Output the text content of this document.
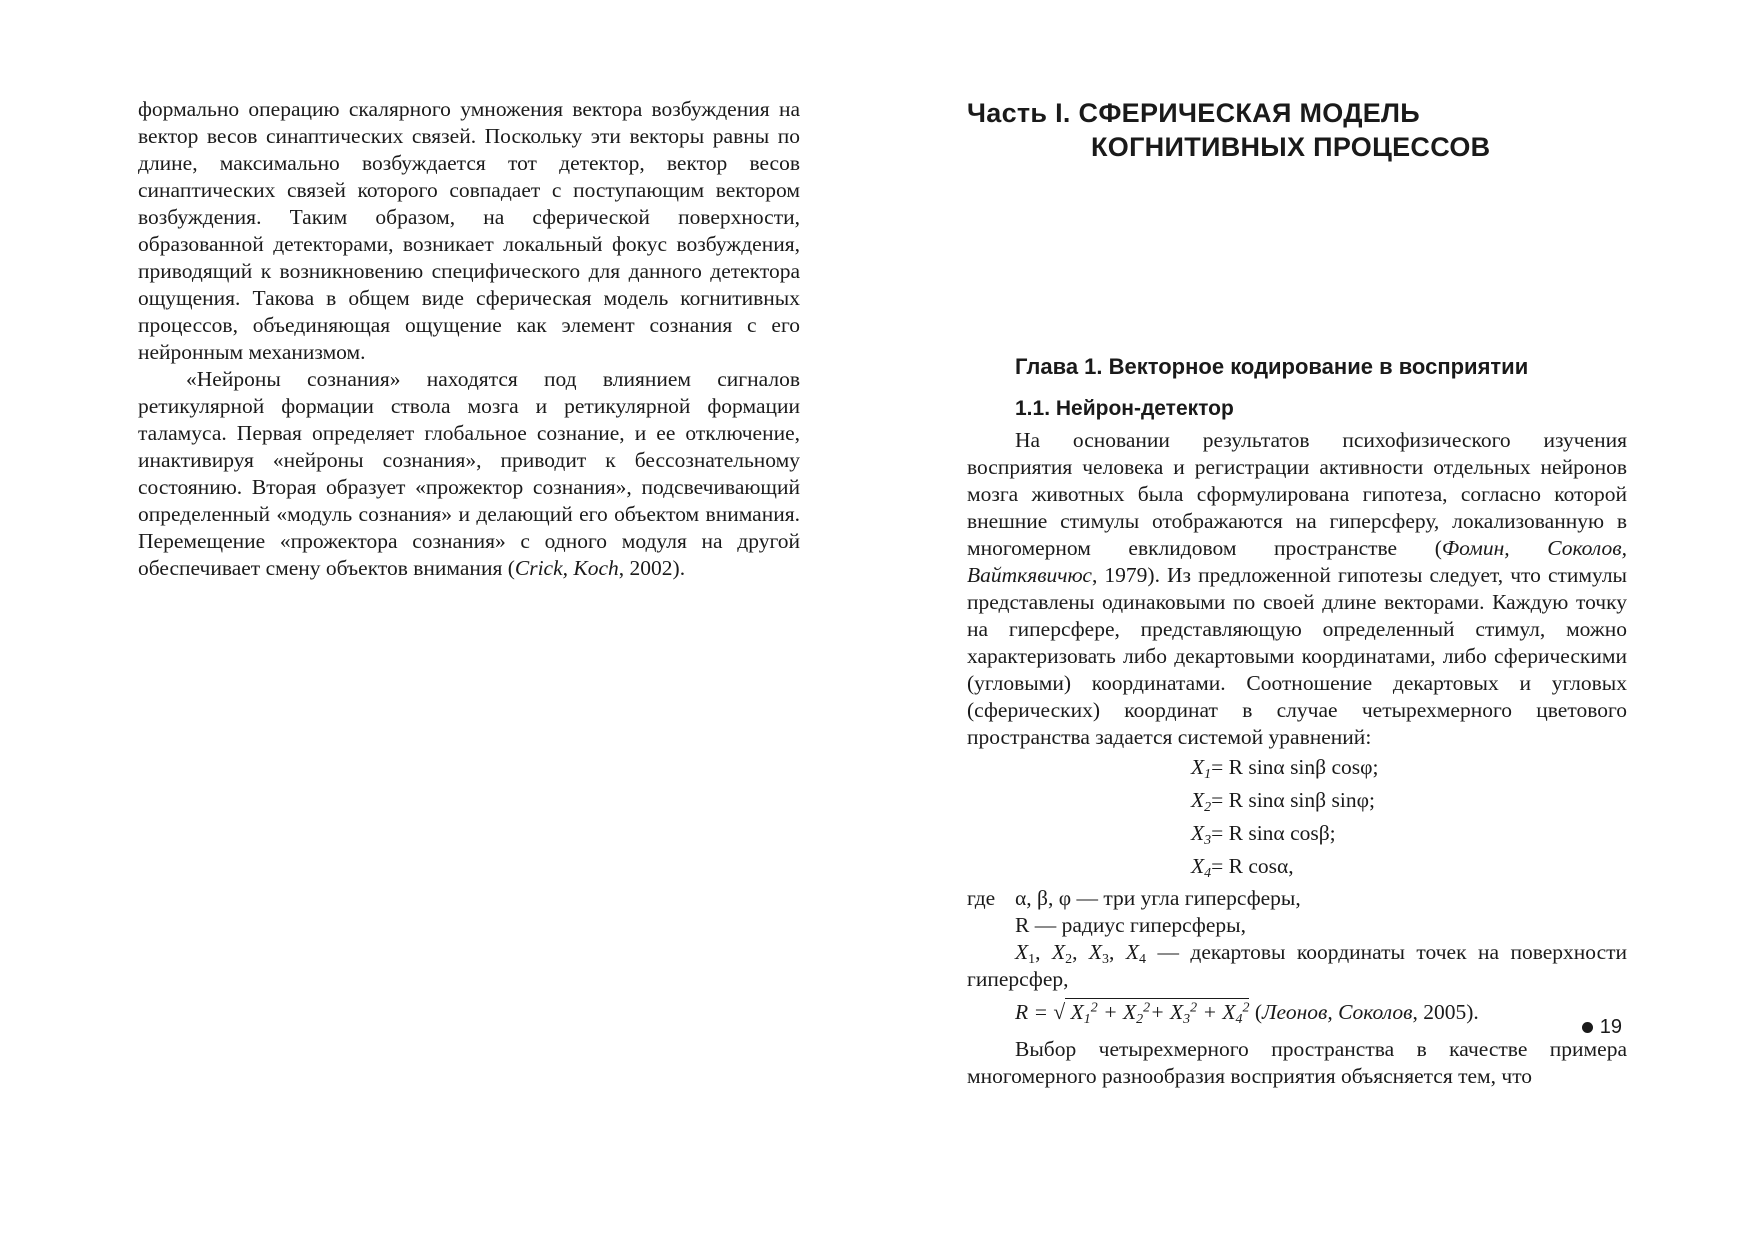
формально операцию скалярного умножения вектора возбуждения на вектор весов синаптических связей. Поскольку эти векторы равны по длине, максимально возбуждается тот детектор, вектор весов синаптических связей которого совпадает с поступающим вектором возбуждения. Таким образом, на сферической поверхности, образованной детекторами, возникает локальный фокус возбуждения, приводящий к возникновению специфического для данного детектора ощущения. Такова в общем виде сферическая модель когнитивных процессов, объединяющая ощущение как элемент сознания с его нейронным механизмом.

«Нейроны сознания» находятся под влиянием сигналов ретикулярной формации ствола мозга и ретикулярной формации таламуса. Первая определяет глобальное сознание, и ее отключение, инактивируя «нейроны сознания», приводит к бессознательному состоянию. Вторая образует «прожектор сознания», подсвечивающий определенный «модуль сознания» и делающий его объектом внимания. Перемещение «прожектора сознания» с одного модуля на другой обеспечивает смену объектов внимания (Crick, Koch, 2002).

Часть I. СФЕРИЧЕСКАЯ МОДЕЛЬ
КОГНИТИВНЫХ ПРОЦЕССОВ
Глава 1. Векторное кодирование в восприятии
1.1. Нейрон-детектор

На основании результатов психофизического изучения восприятия человека и регистрации активности отдельных нейронов мозга животных была сформулирована гипотеза, согласно которой внешние стимулы отображаются на гиперсферу, локализованную в многомерном евклидовом пространстве (Фомин, Соколов, Вайткявичюс, 1979). Из предложенной гипотезы следует, что стимулы представлены одинаковыми по своей длине векторами. Каждую точку на гиперсфере, представляющую определенный стимул, можно характеризовать либо декартовыми координатами, либо сферическими (угловыми) координатами. Соотношение декартовых и угловых (сферических) координат в случае четырехмерного цветового пространства задается системой уравнений:

$X_1= R$ sinα sinβ cosφ;
$X_2= R$ sinα sinβ sinφ;
$X_3= R$ sinα cosβ;
$X_4= R$ cosα,
где α, β, φ — три угла гиперсферы,
R — радиус гиперсферы,
$X_1$, $X_2$, $X_3$, $X_4$ — декартовы координаты точек на поверхности гиперсфер,
R = √ $X_1^2 + X_2^2+ X_3^2 + X_4^2$ (Леонов, Соколов, 2005).

Выбор четырехмерного пространства в качестве примера многомерного разнообразия восприятия объясняется тем, что

19
